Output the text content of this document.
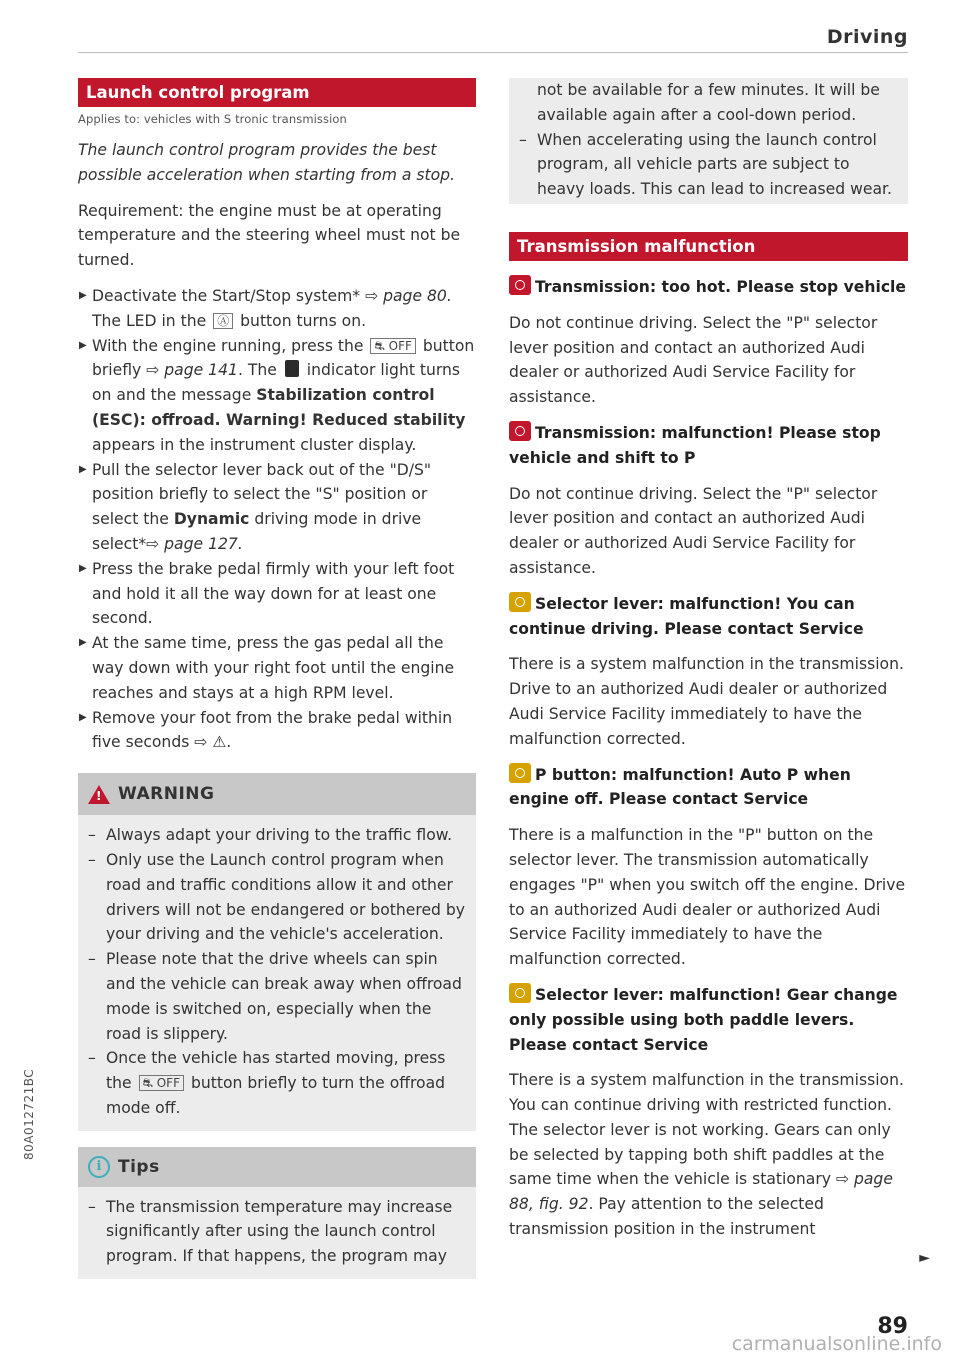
Driving
Launch control program
Applies to: vehicles with S tronic transmission

The launch control program provides the best possible acceleration when starting from a stop.

Requirement: the engine must be at operating temperature and the steering wheel must not be turned.

▶ Deactivate the Start/Stop system* ⇨ page 80.
The LED in the Ⓐ button turns on.
▶ With the engine running, press the ⛐ OFF button briefly ⇨ page 141. The  indicator light turns on and the message Stabilization control (ESC): offroad. Warning! Reduced stability appears in the instrument cluster display.
▶ Pull the selector lever back out of the "D/S" position briefly to select the "S" position or select the Dynamic driving mode in drive select*⇨ page 127.
▶ Press the brake pedal firmly with your left foot and hold it all the way down for at least one second.
▶ At the same time, press the gas pedal all the way down with your right foot until the engine reaches and stays at a high RPM level.
▶ Remove your foot from the brake pedal within five seconds ⇨ ⚠.
!
WARNING
– Always adapt your driving to the traffic flow.
– Only use the Launch control program when road and traffic conditions allow it and other drivers will not be endangered or bothered by your driving and the vehicle's acceleration.
– Please note that the drive wheels can spin and the vehicle can break away when offroad mode is switched on, especially when the road is slippery.
– Once the vehicle has started moving, press the ⛐ OFF button briefly to turn the offroad mode off.
i Tips
– The transmission temperature may increase significantly after using the launch control program. If that happens, the program may
not be available for a few minutes. It will be available again after a cool-down period.
– When accelerating using the launch control program, all vehicle parts are subject to heavy loads. This can lead to increased wear.
Transmission malfunction
Transmission: too hot. Please stop vehicle

Do not continue driving. Select the "P" selector lever position and contact an authorized Audi dealer or authorized Audi Service Facility for assistance.

Transmission: malfunction! Please stop vehicle and shift to P

Do not continue driving. Select the "P" selector lever position and contact an authorized Audi dealer or authorized Audi Service Facility for assistance.

Selector lever: malfunction! You can continue driving. Please contact Service

There is a system malfunction in the transmission. Drive to an authorized Audi dealer or authorized Audi Service Facility immediately to have the malfunction corrected.

P button: malfunction! Auto P when engine off. Please contact Service

There is a malfunction in the "P" button on the selector lever. The transmission automatically engages "P" when you switch off the engine. Drive to an authorized Audi dealer or authorized Audi Service Facility immediately to have the malfunction corrected.

Selector lever: malfunction! Gear change only possible using both paddle levers. Please contact Service

There is a system malfunction in the transmission. You can continue driving with restricted function. The selector lever is not working. Gears can only be selected by tapping both shift paddles at the same time when the vehicle is stationary ⇨ page 88, fig. 92. Pay attention to the selected transmission position in the instrument

►
89
80A012721BC
carmanualsonline.info
